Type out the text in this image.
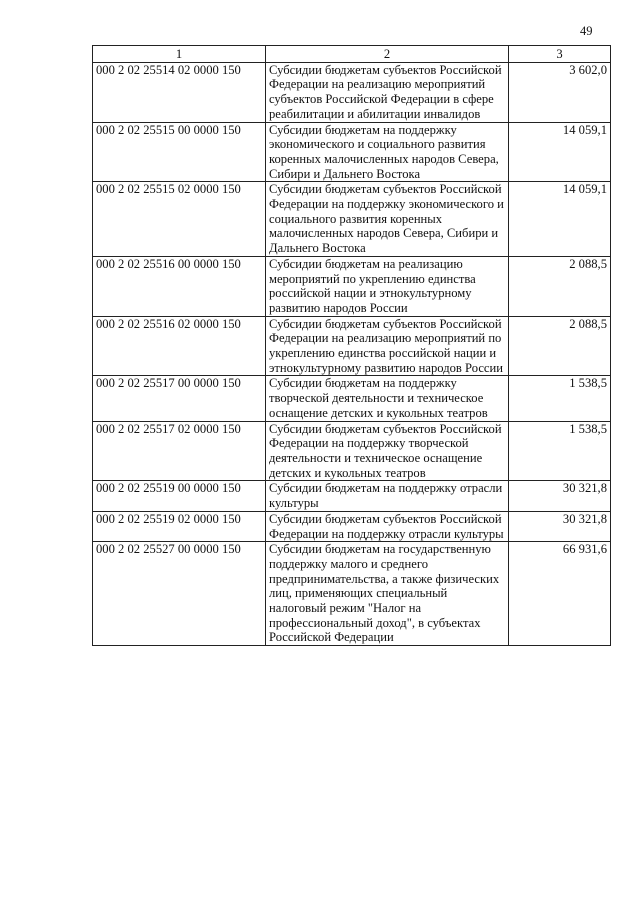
49
1	2	3
000 2 02 25514 02 0000 150	Субсидии бюджетам субъектов Российской Федерации на реализацию мероприятий субъектов Российской Федерации в сфере реабилитации и абилитации инвалидов	3 602,0
000 2 02 25515 00 0000 150	Субсидии бюджетам на поддержку экономического и социального развития коренных малочисленных народов Севера, Сибири и Дальнего Востока	14 059,1
000 2 02 25515 02 0000 150	Субсидии бюджетам субъектов Российской Федерации на поддержку экономического и социального развития коренных малочисленных народов Севера, Сибири и Дальнего Востока	14 059,1
000 2 02 25516 00 0000 150	Субсидии бюджетам на реализацию мероприятий по укреплению единства российской нации и этнокультурному развитию народов России	2 088,5
000 2 02 25516 02 0000 150	Субсидии бюджетам субъектов Российской Федерации на реализацию мероприятий по укреплению единства российской нации и этнокультурному развитию народов России	2 088,5
000 2 02 25517 00 0000 150	Субсидии бюджетам на поддержку творческой деятельности и техническое оснащение детских и кукольных театров	1 538,5
000 2 02 25517 02 0000 150	Субсидии бюджетам субъектов Российской Федерации на поддержку творческой деятельности и техническое оснащение детских и кукольных театров	1 538,5
000 2 02 25519 00 0000 150	Субсидии бюджетам на поддержку отрасли культуры	30 321,8
000 2 02 25519 02 0000 150	Субсидии бюджетам субъектов Российской Федерации на поддержку отрасли культуры	30 321,8
000 2 02 25527 00 0000 150	Субсидии бюджетам на государственную поддержку малого и среднего предпринимательства, а также физических лиц, применяющих специальный налоговый режим "Налог на профессиональный доход", в субъектах Российской Федерации	66 931,6
